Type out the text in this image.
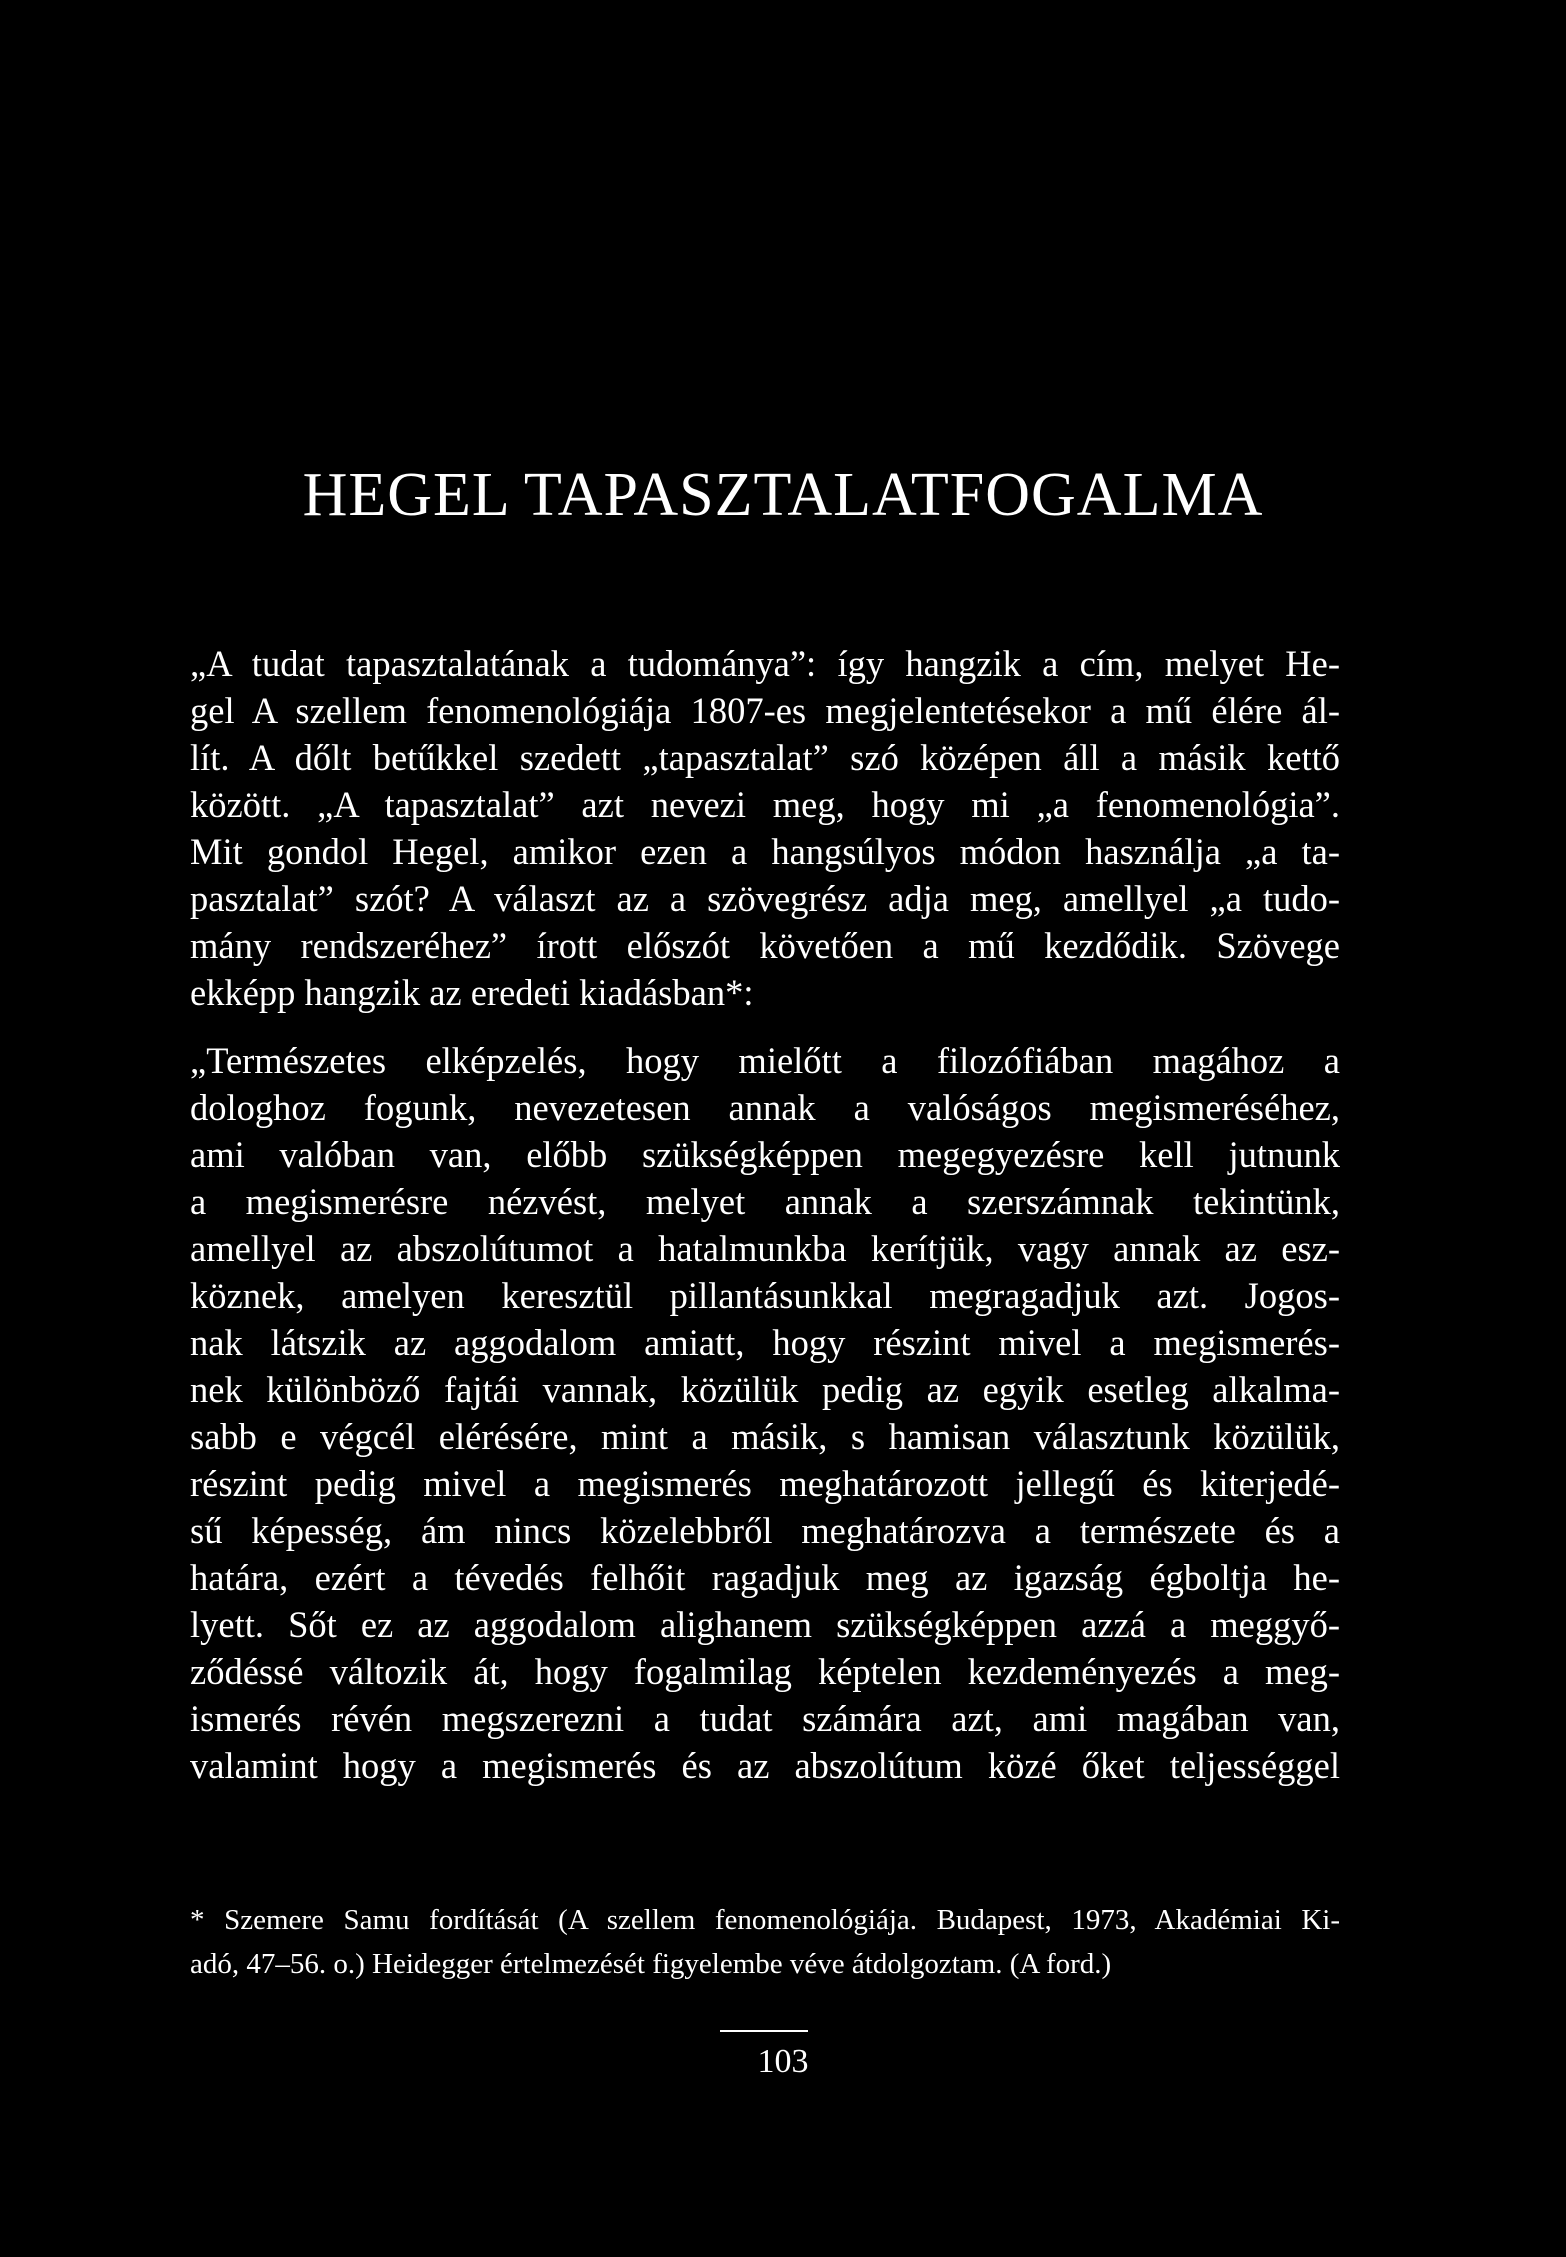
HEGEL TAPASZTALATFOGALMA
„A tudat tapasztalatának a tudománya”: így hangzik a cím, melyet He-
gel A szellem fenomenológiája 1807-es megjelentetésekor a mű élére ál-
lít. A dőlt betűkkel szedett „tapasztalat” szó középen áll a másik kettő
között. „A tapasztalat” azt nevezi meg, hogy mi „a fenomenológia”.
Mit gondol Hegel, amikor ezen a hangsúlyos módon használja „a ta-
pasztalat” szót? A választ az a szövegrész adja meg, amellyel „a tudo-
mány rendszeréhez” írott előszót követően a mű kezdődik. Szövege
ekképp hangzik az eredeti kiadásban*:
„Természetes elképzelés, hogy mielőtt a filozófiában magához a
dologhoz fogunk, nevezetesen annak a valóságos megismeréséhez,
ami valóban van, előbb szükségképpen megegyezésre kell jutnunk
a megismerésre nézvést, melyet annak a szerszámnak tekintünk,
amellyel az abszolútumot a hatalmunkba kerítjük, vagy annak az esz-
köznek, amelyen keresztül pillantásunkkal megragadjuk azt. Jogos-
nak látszik az aggodalom amiatt, hogy részint mivel a megismerés-
nek különböző fajtái vannak, közülük pedig az egyik esetleg alkalma-
sabb e végcél elérésére, mint a másik, s hamisan választunk közülük,
részint pedig mivel a megismerés meghatározott jellegű és kiterjedé-
sű képesség, ám nincs közelebbről meghatározva a természete és a
határa, ezért a tévedés felhőit ragadjuk meg az igazság égboltja he-
lyett. Sőt ez az aggodalom alighanem szükségképpen azzá a meggyő-
ződéssé változik át, hogy fogalmilag képtelen kezdeményezés a meg-
ismerés révén megszerezni a tudat számára azt, ami magában van,
valamint hogy a megismerés és az abszolútum közé őket teljességgel
* Szemere Samu fordítását (A szellem fenomenológiája. Budapest, 1973, Akadémiai Ki-
adó, 47–56. o.) Heidegger értelmezését figyelembe véve átdolgoztam. (A ford.)
103
